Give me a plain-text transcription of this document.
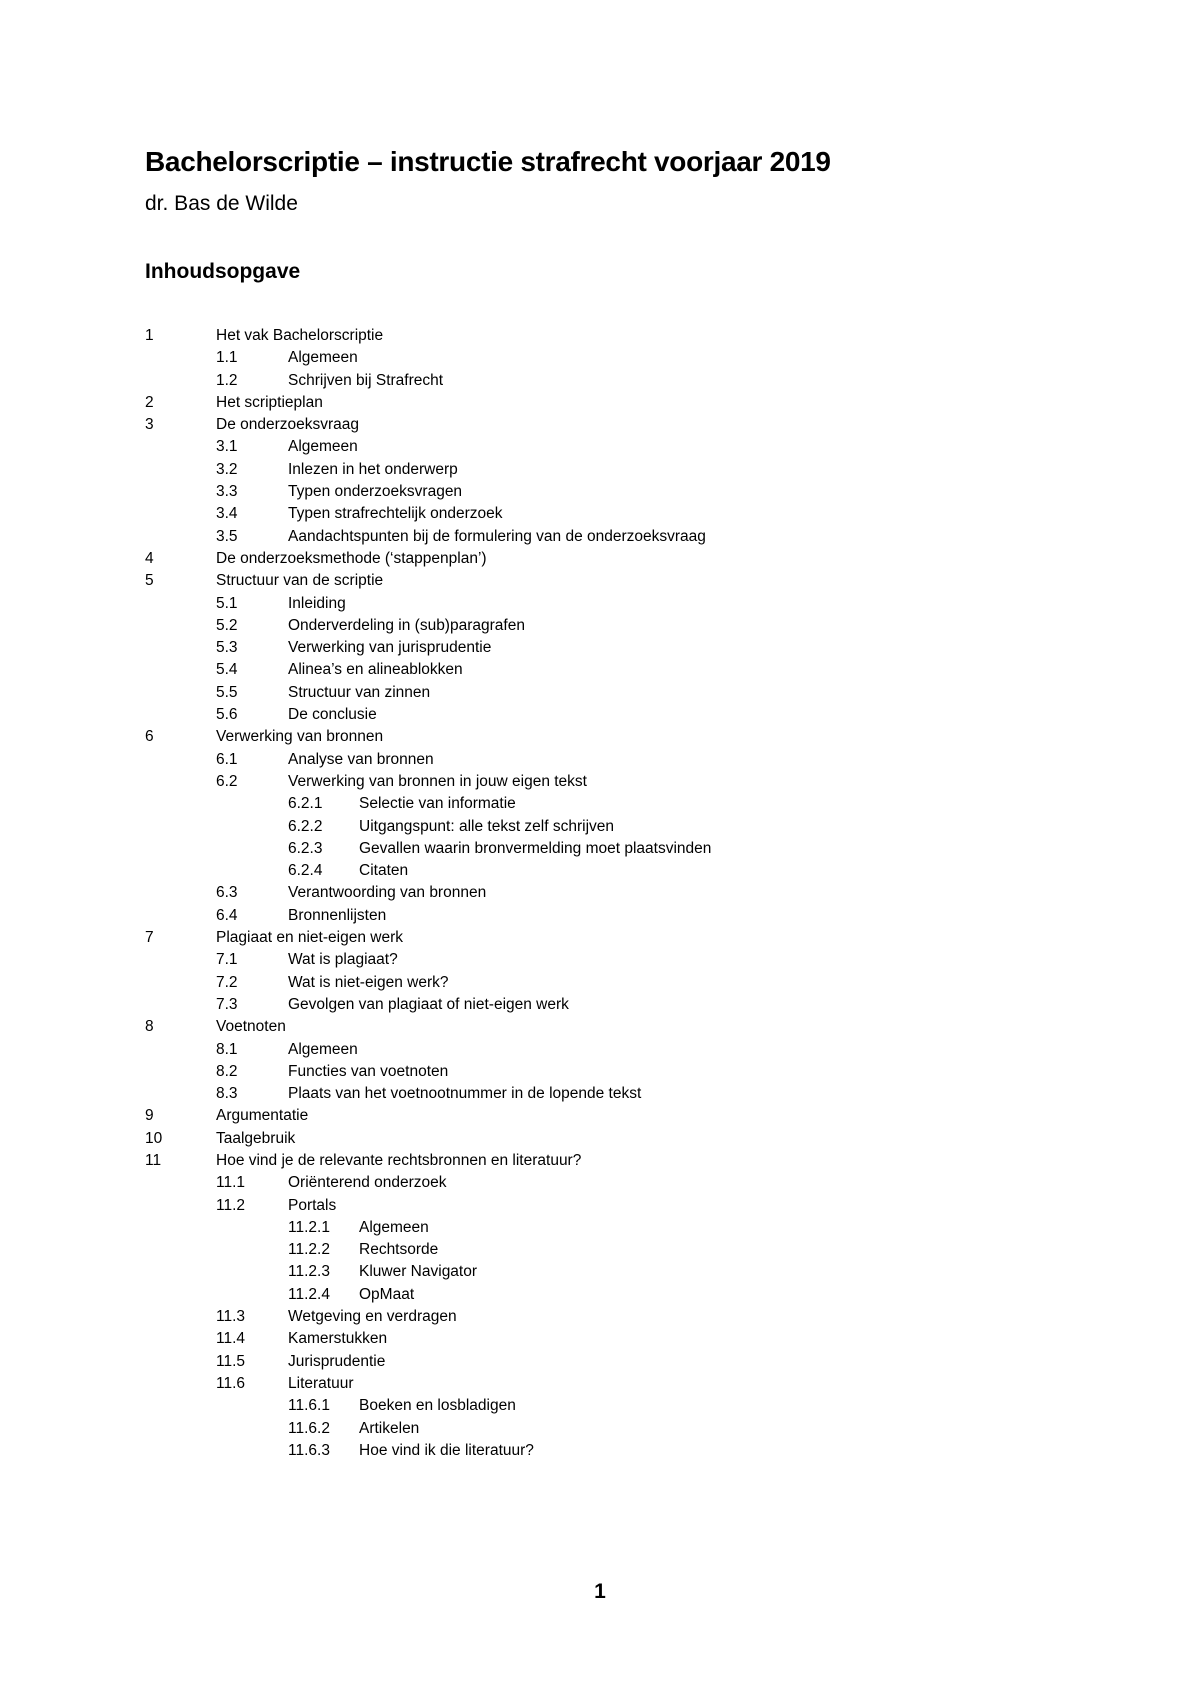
Bachelorscriptie – instructie strafrecht voorjaar 2019

dr. Bas de Wilde

Inhoudsopgave
1	Het vak Bachelorscriptie
1.1	Algemeen
1.2	Schrijven bij Strafrecht
2	Het scriptieplan
3	De onderzoeksvraag
3.1	Algemeen
3.2	Inlezen in het onderwerp
3.3	Typen onderzoeksvragen
3.4	Typen strafrechtelijk onderzoek
3.5	Aandachtspunten bij de formulering van de onderzoeksvraag
4	De onderzoeksmethode (‘stappenplan’)
5	Structuur van de scriptie
5.1	Inleiding
5.2	Onderverdeling in (sub)paragrafen
5.3	Verwerking van jurisprudentie
5.4	Alinea’s en alineablokken
5.5	Structuur van zinnen
5.6	De conclusie
6	Verwerking van bronnen
6.1	Analyse van bronnen
6.2	Verwerking van bronnen in jouw eigen tekst
6.2.1 Selectie van informatie
6.2.2 Uitgangspunt: alle tekst zelf schrijven
6.2.3 Gevallen waarin bronvermelding moet plaatsvinden
6.2.4 Citaten
6.3	Verantwoording van bronnen
6.4	Bronnenlijsten
7	Plagiaat en niet-eigen werk
7.1	Wat is plagiaat?
7.2	Wat is niet-eigen werk?
7.3	Gevolgen van plagiaat of niet-eigen werk
8	Voetnoten
8.1	Algemeen
8.2	Functies van voetnoten
8.3	Plaats van het voetnootnummer in de lopende tekst
9	Argumentatie
10	Taalgebruik
11	Hoe vind je de relevante rechtsbronnen en literatuur?
11.1	Oriënterend onderzoek
11.2	Portals
11.2.1 Algemeen
11.2.2 Rechtsorde
11.2.3 Kluwer Navigator
11.2.4 OpMaat
11.3	Wetgeving en verdragen
11.4	Kamerstukken
11.5	Jurisprudentie
11.6	Literatuur
11.6.1 Boeken en losbladigen
11.6.2 Artikelen
11.6.3 Hoe vind ik die literatuur?

1
